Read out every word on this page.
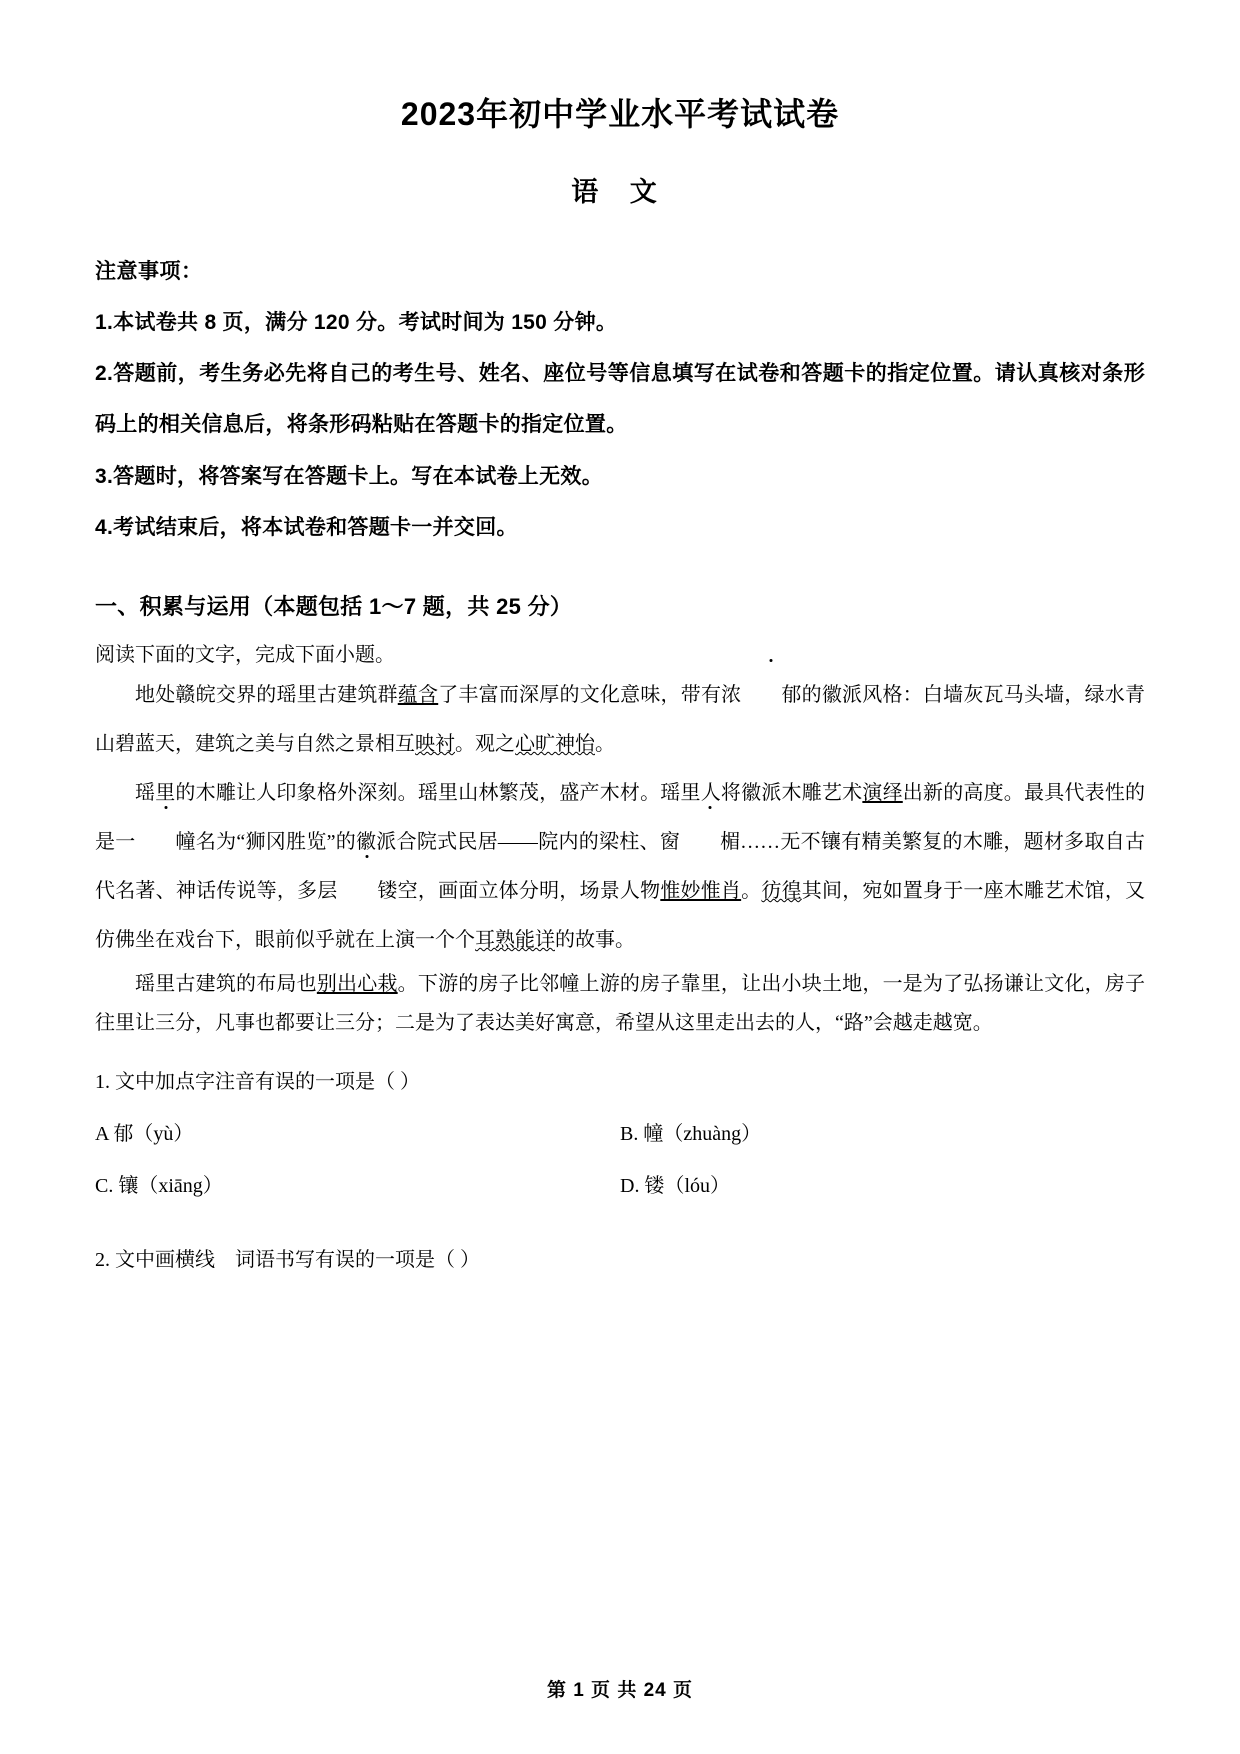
2023年初中学业水平考试试卷
语 文
注意事项：
1.本试卷共 8 页，满分 120 分。考试时间为 150 分钟。
2.答题前，考生务必先将自己的考生号、姓名、座位号等信息填写在试卷和答题卡的指定位置。请认真核对条形码上的相关信息后，将条形码粘贴在答题卡的指定位置。
3.答题时，将答案写在答题卡上。写在本试卷上无效。
4.考试结束后，将本试卷和答题卡一并交回。
一、积累与运用（本题包括 1～7 题，共 25 分）
阅读下面的文字，完成下面小题。

地处赣皖交界的瑶里古建筑群蕴含了丰富而深厚的文化意味，带有浓 郁的徽派风格：白墙灰瓦马头墙，绿水青山碧蓝天，建筑之美与自然之景相互映衬。观之心旷神怡。

瑶里的木雕让人印象格外深刻。瑶里山林繁茂，盛产木材。瑶里人将徽派木雕艺术演绎出新的高度。最具代表性的是一 幢名为“狮冈胜览”的徽派合院式民居——院内的梁柱、窗 楣……无不镶有精美繁复的木雕，题材多取自古代名著、神话传说等，多层 镂空，画面立体分明，场景人物惟妙惟肖。彷徨其间，宛如置身于一座木雕艺术馆，又仿佛坐在戏台下，眼前似乎就在上演一个个耳熟能详的故事。

瑶里古建筑的布局也别出心栽。下游的房子比邻幢上游的房子靠里，让出小块土地，一是为了弘扬谦让文化，房子往里让三分，凡事也都要让三分；二是为了表达美好寓意，希望从这里走出去的人，“路”会越走越宽。

1. 文中加点字注音有误的一项是（ ）
A 郁（yù）	B. 幢（zhuàng）
C. 镶（xiāng）	D. 镂（lóu）
2. 文中画横线　词语书写有误的一项是（ ）
第 1 页 共 24 页
